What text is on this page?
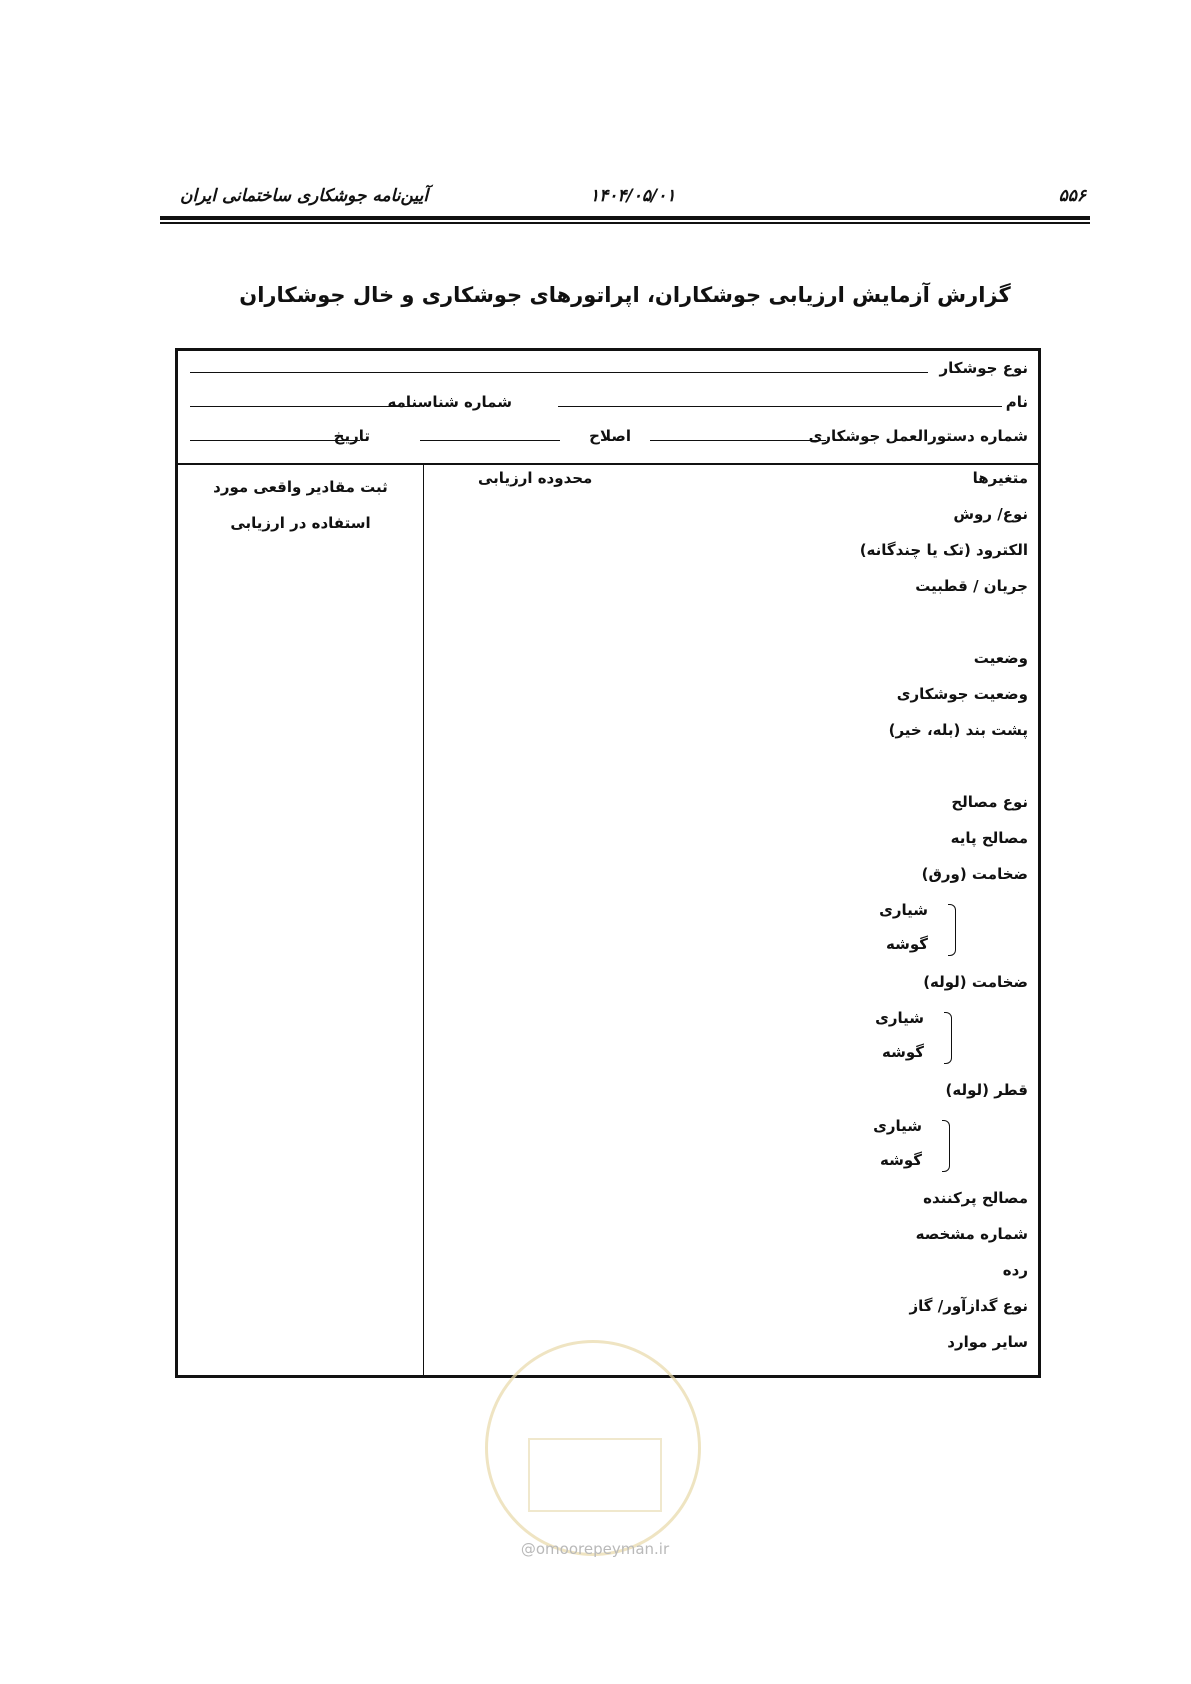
۵۵۶
۱۴۰۴/۰۵/۰۱
آیین‌نامه جوشکاری ساختمانی ایران
گزارش آزمایش ارزیابی جوشکاران، اپراتورهای جوشکاری و خال جوشکاران
نوع جوشکار
نام
شماره شناسنامه
شماره دستورالعمل جوشکاری
اصلاح
تاریخ
متغیرها
محدوده ارزیابی
ثبت مقادیر واقعی مورد
استفاده در ارزیابی	نوع/ روش
الکترود (تک یا چندگانه)
جریان / قطبیت
وضعیت
وضعیت جوشکاری
پشت بند (بله، خیر)
نوع مصالح
مصالح پایه
ضخامت (ورق)
شیاری
گوشه
ضخامت (لوله)
شیاری
گوشه
قطر (لوله)
شیاری
گوشه
مصالح پرکننده
شماره مشخصه
رده
نوع گدازآور/ گاز
سایر موارد
@omoorepeyman.ir
